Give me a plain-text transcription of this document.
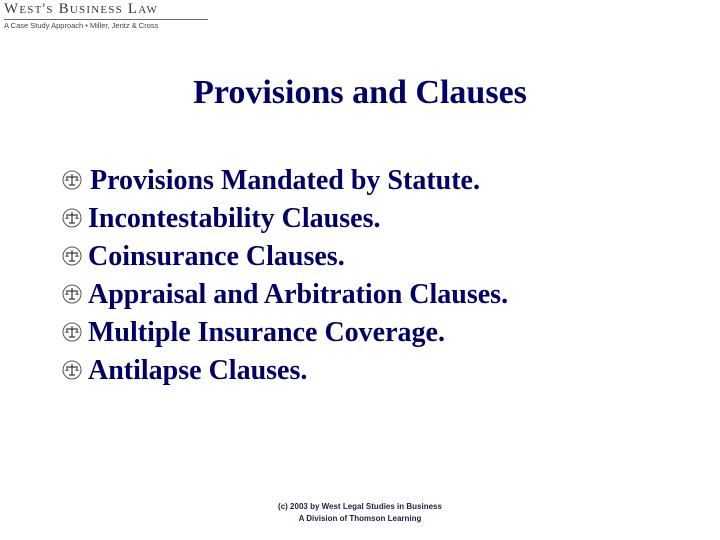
West's Business Law
A Case Study Approach • Miller, Jentz & Cross
Provisions and Clauses
Provisions Mandated by Statute.
Incontestability Clauses.
Coinsurance Clauses.
Appraisal and Arbitration Clauses.
Multiple Insurance Coverage.
Antilapse Clauses.
(c) 2003 by West Legal Studies in Business
A Division of Thomson Learning
